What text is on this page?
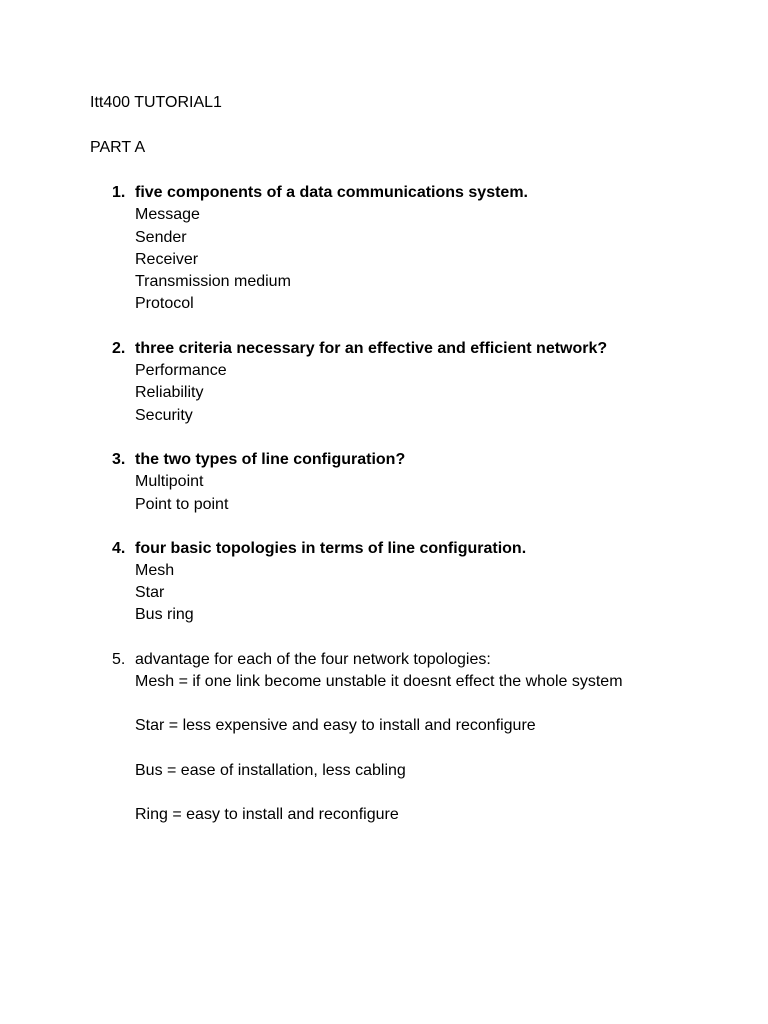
Itt400 TUTORIAL1
PART A
1. five components of a data communications system.
Message
Sender
Receiver
Transmission medium
Protocol
2. three criteria necessary for an effective and efficient network?
Performance
Reliability
Security
3. the two types of line configuration?
Multipoint
Point to point
4. four basic topologies in terms of line configuration.
Mesh
Star
Bus ring
5. advantage for each of the four network topologies:
Mesh = if one link become unstable it doesnt effect the whole system
Star = less expensive and easy to install and reconfigure
Bus = ease of installation, less cabling
Ring = easy to install and reconfigure
